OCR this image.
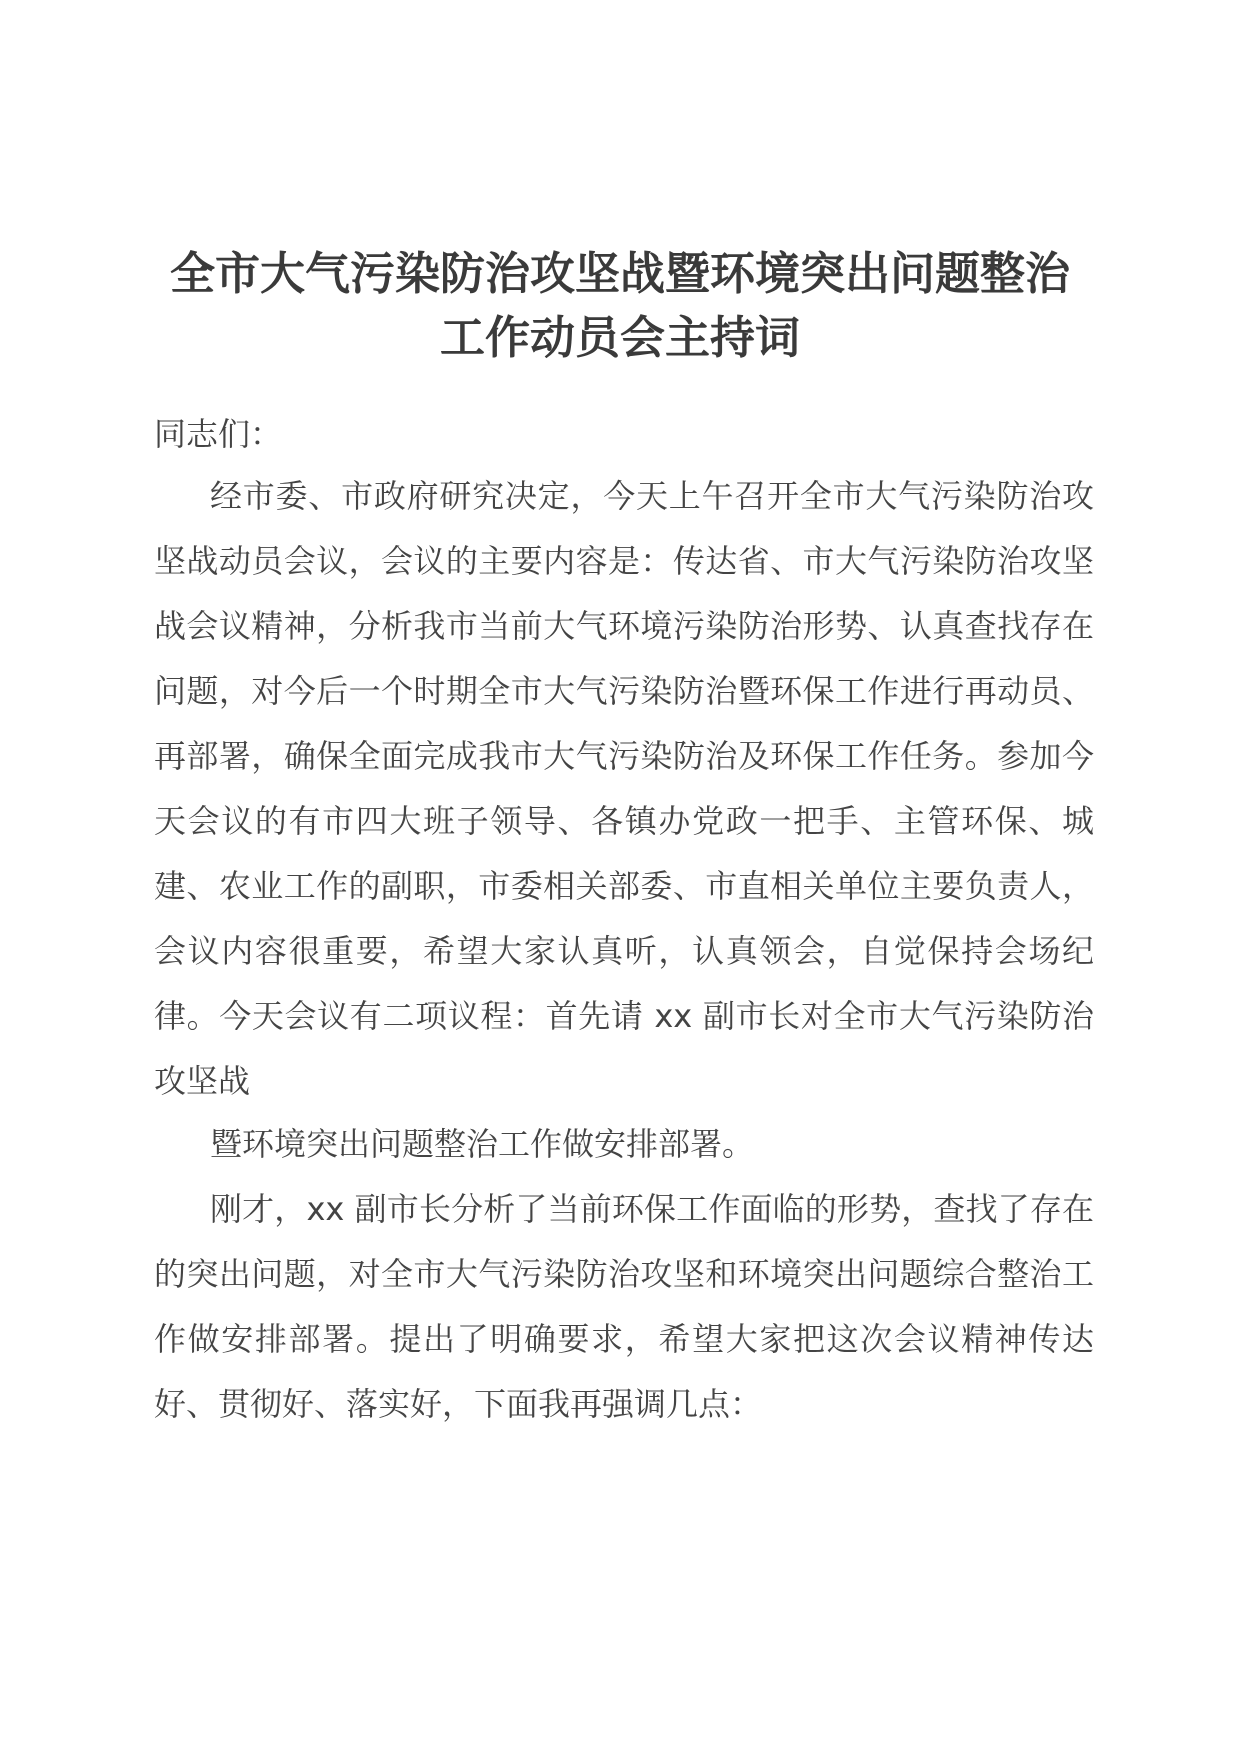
全市大气污染防治攻坚战暨环境突出问题整治
工作动员会主持词

同志们：

经市委、市政府研究决定，今天上午召开全市大气污染防治攻坚战动员会议，会议的主要内容是：传达省、市大气污染防治攻坚战会议精神，分析我市当前大气环境污染防治形势、认真查找存在问题，对今后一个时期全市大气污染防治暨环保工作进行再动员、再部署，确保全面完成我市大气污染防治及环保工作任务。参加今天会议的有市四大班子领导、各镇办党政一把手、主管环保、城建、农业工作的副职，市委相关部委、市直相关单位主要负责人，会议内容很重要，希望大家认真听，认真领会，自觉保持会场纪律。今天会议有二项议程：首先请 xx 副市长对全市大气污染防治攻坚战

暨环境突出问题整治工作做安排部署。

刚才，xx 副市长分析了当前环保工作面临的形势，查找了存在的突出问题，对全市大气污染防治攻坚和环境突出问题综合整治工作做安排部署。提出了明确要求，希望大家把这次会议精神传达好、贯彻好、落实好，下面我再强调几点：
